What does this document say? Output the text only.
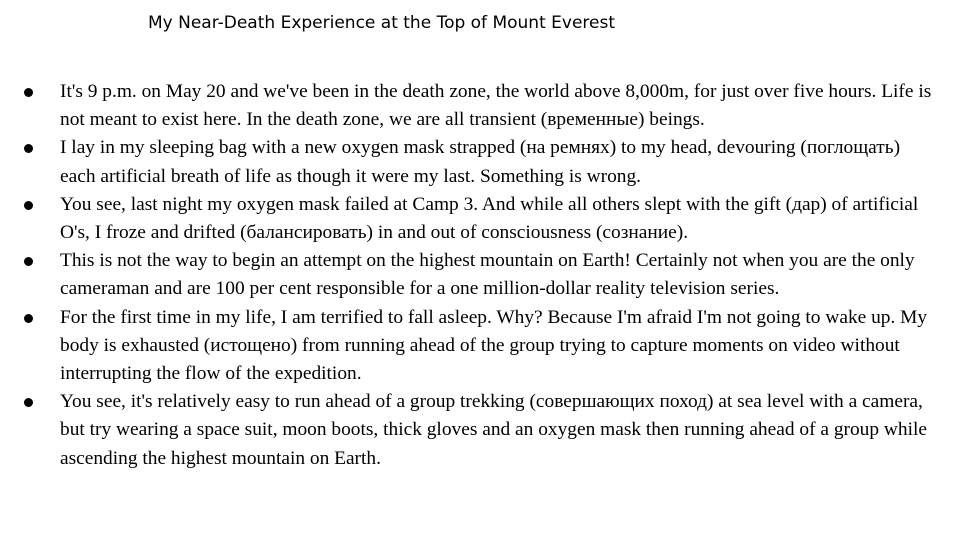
My Near-Death Experience at the Top of Mount Everest
It's 9 p.m. on May 20 and we've been in the death zone, the world above 8,000m, for just over five hours. Life is not meant to exist here. In the death zone, we are all transient (временные) beings.
I lay in my sleeping bag with a new oxygen mask strapped (на ремнях) to my head, devouring (поглощать) each artificial breath of life as though it were my last. Something is wrong.
You see, last night my oxygen mask failed at Camp 3. And while all others slept with the gift (дар) of artificial O's, I froze and drifted (балансировать) in and out of consciousness (сознание).
This is not the way to begin an attempt on the highest mountain on Earth! Certainly not when you are the only cameraman and are 100 per cent responsible for a one million-dollar reality television series.
For the first time in my life, I am terrified to fall asleep. Why? Because I'm afraid I'm not going to wake up. My body is exhausted (истощено) from running ahead of the group trying to capture moments on video without interrupting the flow of the expedition.
You see, it's relatively easy to run ahead of a group trekking (совершающих поход) at sea level with a camera, but try wearing a space suit, moon boots, thick gloves and an oxygen mask then running ahead of a group while ascending the highest mountain on Earth.
